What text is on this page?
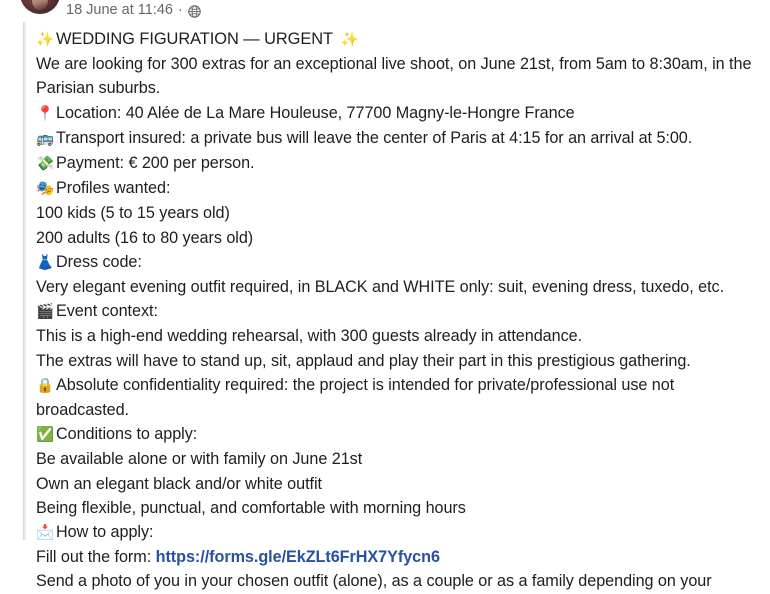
18 June at 11:46 ·
✨ WEDDING FIGURATION — URGENT ✨
We are looking for 300 extras for an exceptional live shoot, on June 21st, from 5am to 8:30am, in the Parisian suburbs.
📍 Location: 40 Alée de La Mare Houleuse, 77700 Magny-le-Hongre France
🚌 Transport insured: a private bus will leave the center of Paris at 4:15 for an arrival at 5:00.
💸 Payment: € 200 per person.
🎭 Profiles wanted:
100 kids (5 to 15 years old)
200 adults (16 to 80 years old)
👗 Dress code:
Very elegant evening outfit required, in BLACK and WHITE only: suit, evening dress, tuxedo, etc.
🎬 Event context:
This is a high-end wedding rehearsal, with 300 guests already in attendance.
The extras will have to stand up, sit, applaud and play their part in this prestigious gathering.
🔒 Absolute confidentiality required: the project is intended for private/professional use not broadcasted.
✅ Conditions to apply:
Be available alone or with family on June 21st
Own an elegant black and/or white outfit
Being flexible, punctual, and comfortable with morning hours
📩 How to apply:
Fill out the form: https://forms.gle/EkZLt6FrHX7Yfycn6
Send a photo of you in your chosen outfit (alone), as a couple or as a family depending on your
